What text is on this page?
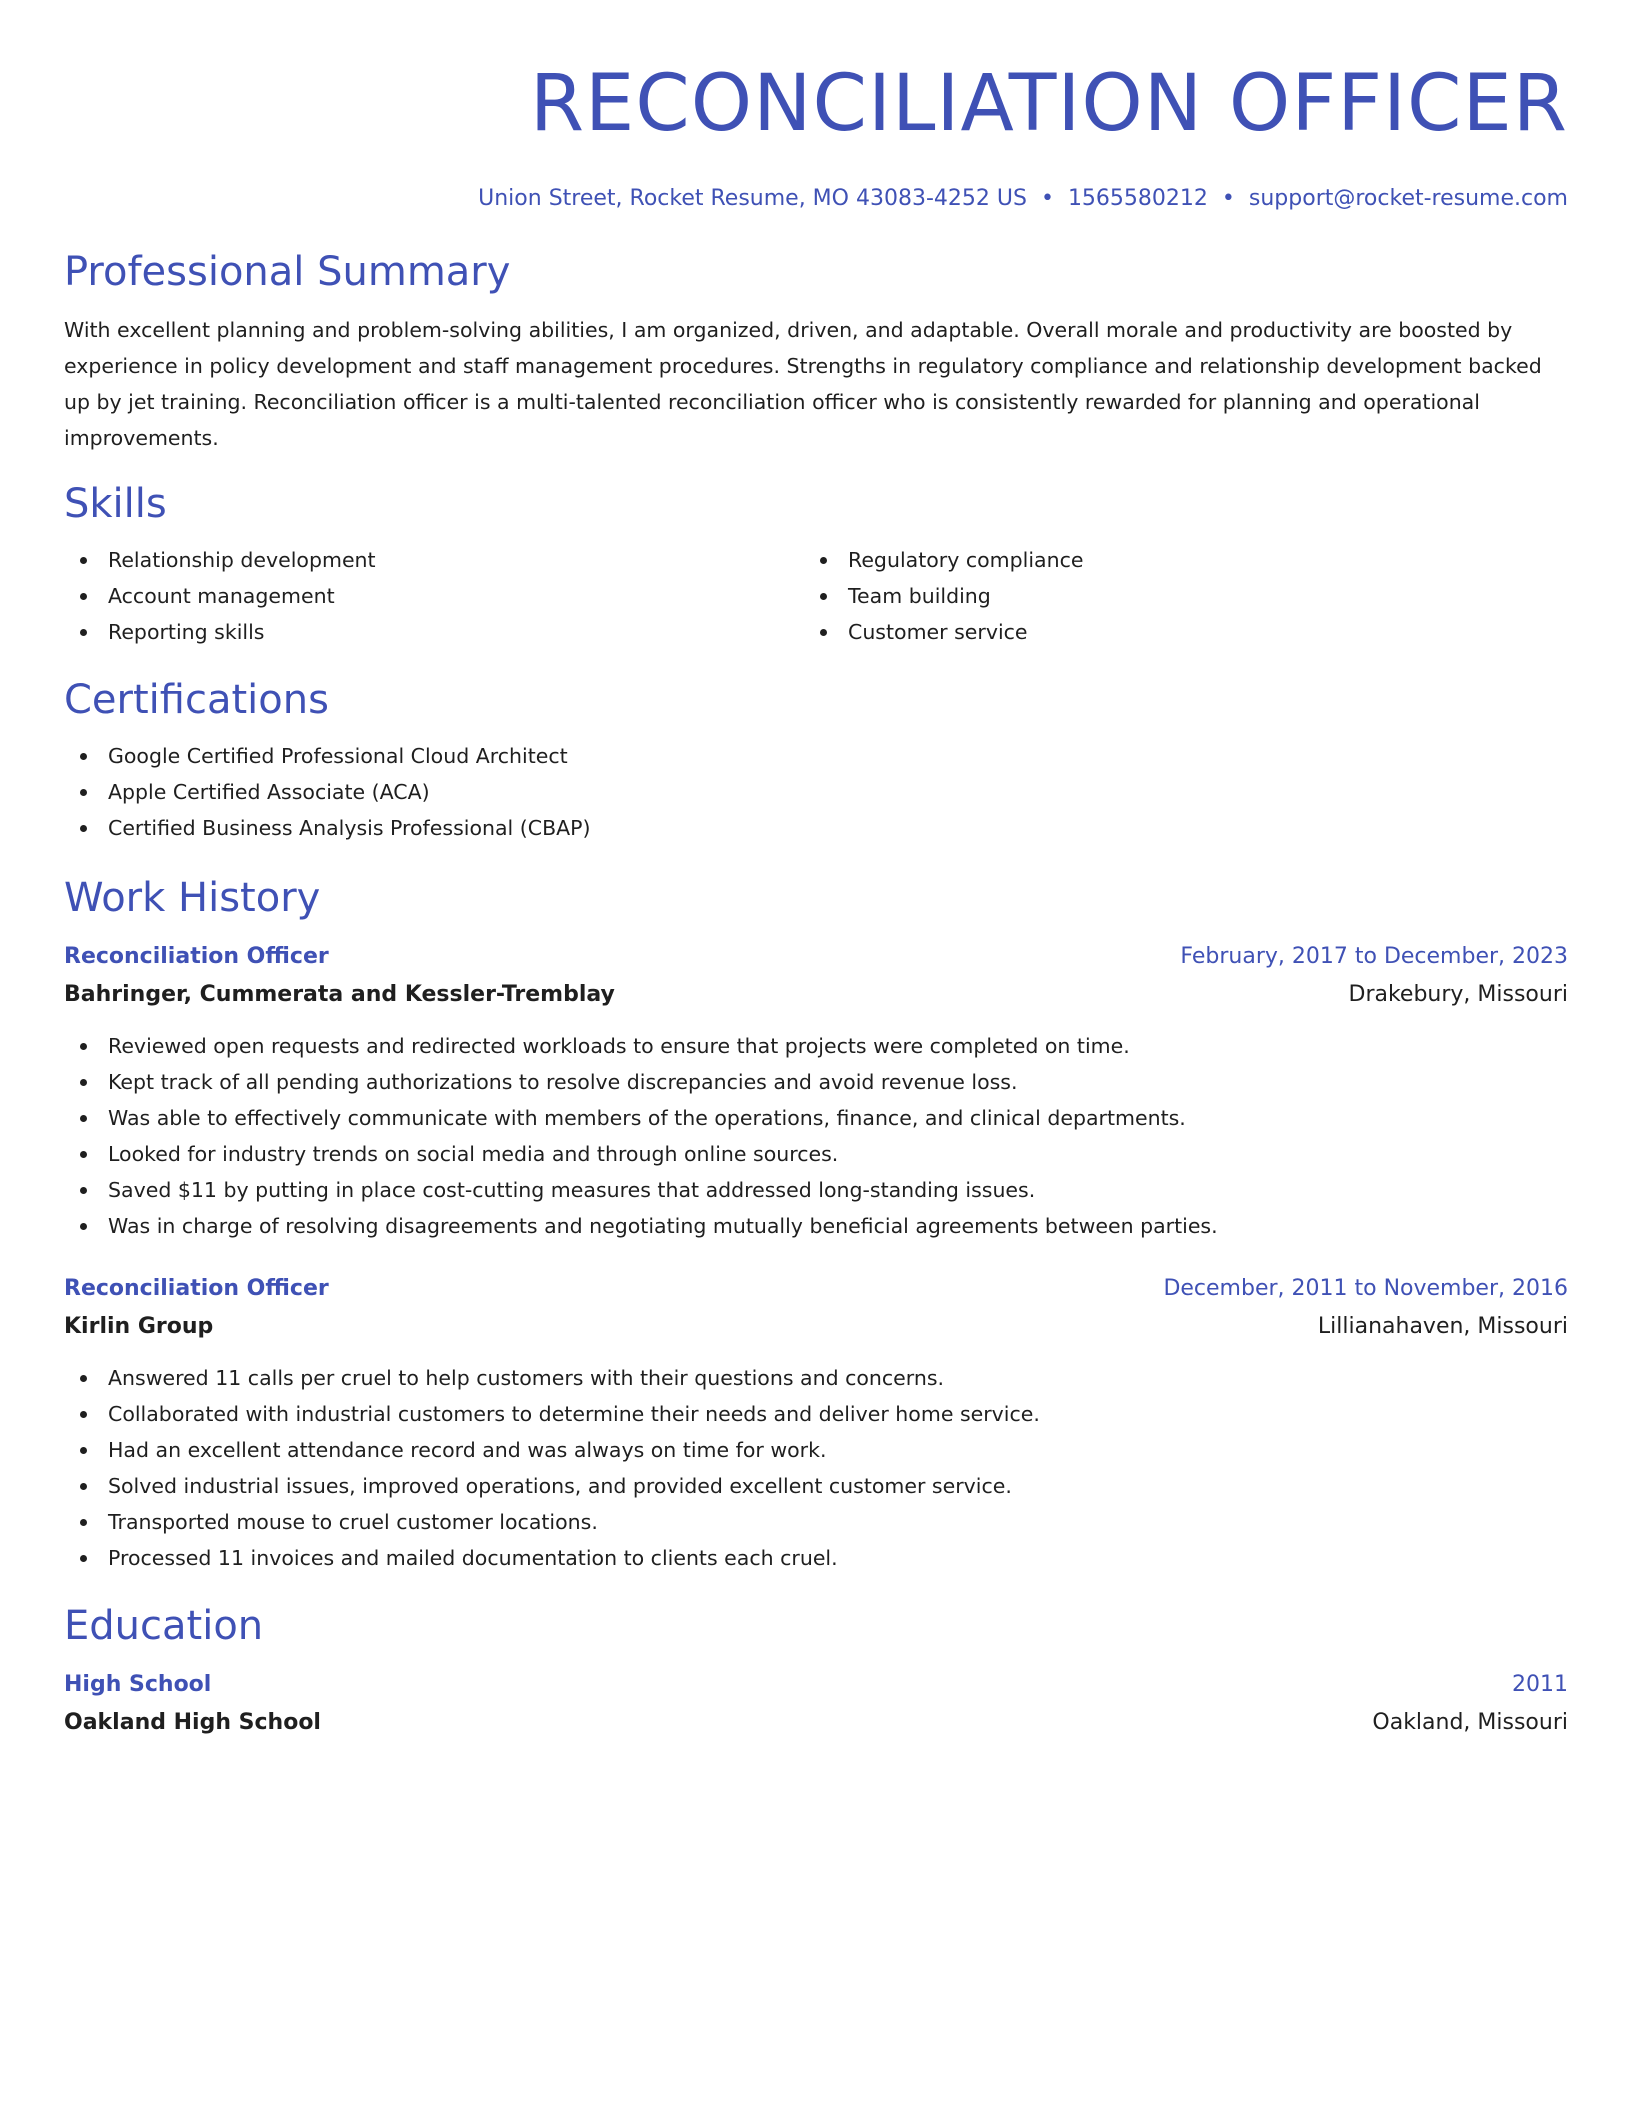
RECONCILIATION OFFICER
Union Street, Rocket Resume, MO 43083-4252 US • 1565580212 • support@rocket-resume.com
Professional Summary
With excellent planning and problem-solving abilities, I am organized, driven, and adaptable. Overall morale and productivity are boosted by experience in policy development and staff management procedures. Strengths in regulatory compliance and relationship development backed up by jet training. Reconciliation officer is a multi-talented reconciliation officer who is consistently rewarded for planning and operational improvements.
Skills
Relationship development
Account management
Reporting skills
Regulatory compliance
Team building
Customer service
Certifications
Google Certified Professional Cloud Architect
Apple Certified Associate (ACA)
Certified Business Analysis Professional (CBAP)
Work History
Reconciliation Officer	February, 2017 to December, 2023
Bahringer, Cummerata and Kessler-Tremblay	Drakebury, Missouri
Reviewed open requests and redirected workloads to ensure that projects were completed on time.
Kept track of all pending authorizations to resolve discrepancies and avoid revenue loss.
Was able to effectively communicate with members of the operations, finance, and clinical departments.
Looked for industry trends on social media and through online sources.
Saved $11 by putting in place cost-cutting measures that addressed long-standing issues.
Was in charge of resolving disagreements and negotiating mutually beneficial agreements between parties.
Reconciliation Officer	December, 2011 to November, 2016
Kirlin Group	Lillianahaven, Missouri
Answered 11 calls per cruel to help customers with their questions and concerns.
Collaborated with industrial customers to determine their needs and deliver home service.
Had an excellent attendance record and was always on time for work.
Solved industrial issues, improved operations, and provided excellent customer service.
Transported mouse to cruel customer locations.
Processed 11 invoices and mailed documentation to clients each cruel.
Education
High School	2011
Oakland High School	Oakland, Missouri
